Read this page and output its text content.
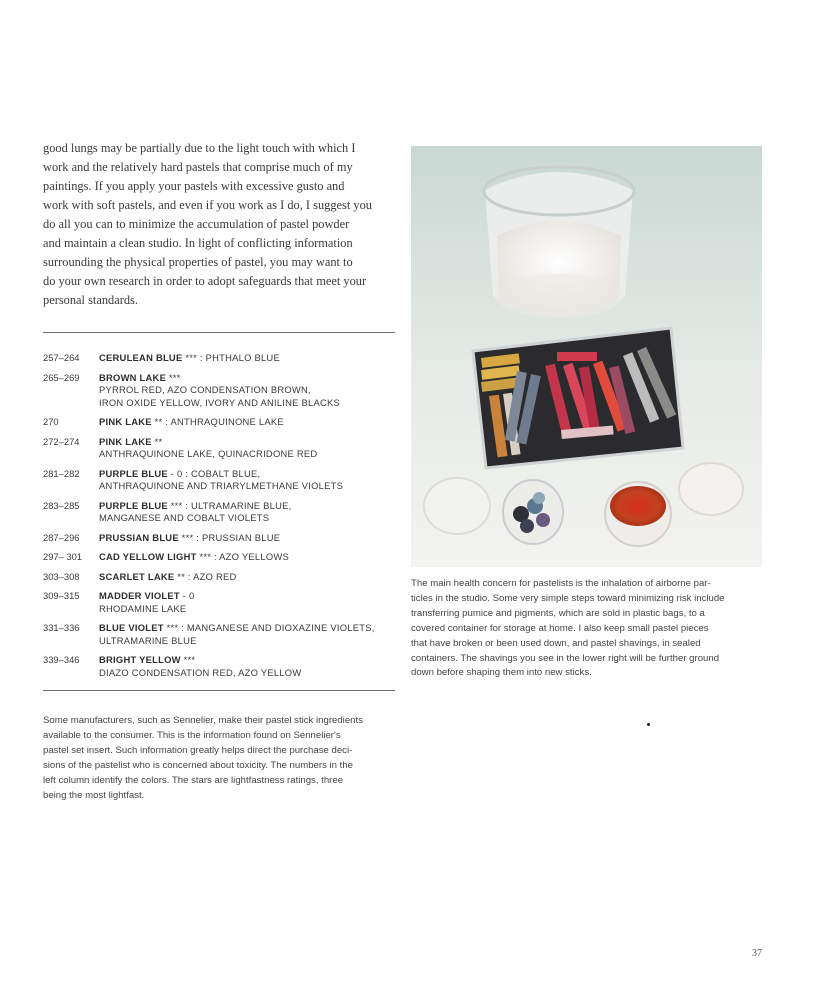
good lungs may be partially due to the light touch with which I

work and the relatively hard pastels that comprise much of my

paintings. If you apply your pastels with excessive gusto and

work with soft pastels, and even if you work as I do, I suggest you

do all you can to minimize the accumulation of pastel powder

and maintain a clean studio. In light of conflicting information

surrounding the physical properties of pastel, you may want to

do your own research in order to adopt safeguards that meet your

personal standards.

257–264	CERULEAN BLUE *** : PHTHALO BLUE
265–269	BROWN LAKE ***
PYRROL RED, AZO CONDENSATION BROWN,
IRON OXIDE YELLOW, IVORY AND ANILINE BLACKS
270	PINK LAKE ** : ANTHRAQUINONE LAKE
272–274	PINK LAKE **
ANTHRAQUINONE LAKE, QUINACRIDONE RED
281–282	PURPLE BLUE - 0 : COBALT BLUE,
ANTHRAQUINONE AND TRIARYLMETHANE VIOLETS
283–285	PURPLE BLUE *** : ULTRAMARINE BLUE,
MANGANESE AND COBALT VIOLETS
287–296	PRUSSIAN BLUE *** : PRUSSIAN BLUE
297– 301	CAD YELLOW LIGHT *** : AZO YELLOWS
303–308	SCARLET LAKE ** : AZO RED
309–315	MADDER VIOLET - 0
RHODAMINE LAKE
331–336	BLUE VIOLET *** : MANGANESE AND DIOXAZINE VIOLETS,
ULTRAMARINE BLUE
339–346	BRIGHT YELLOW ***
DIAZO CONDENSATION RED, AZO YELLOW

Some manufacturers, such as Sennelier, make their pastel stick ingredients

available to the consumer. This is the information found on Sennelier's

pastel set insert. Such information greatly helps direct the purchase deci-

sions of the pastelist who is concerned about toxicity. The numbers in the

left column identify the colors. The stars are lightfastness ratings, three

being the most lightfast.

The main health concern for pastelists is the inhalation of airborne par-

ticles in the studio. Some very simple steps toward minimizing risk include

transferring pumice and pigments, which are sold in plastic bags, to a

covered container for storage at home. I also keep small pastel pieces

that have broken or been used down, and pastel shavings, in sealed

containers. The shavings you see in the lower right will be further ground

down before shaping them into new sticks.

37
